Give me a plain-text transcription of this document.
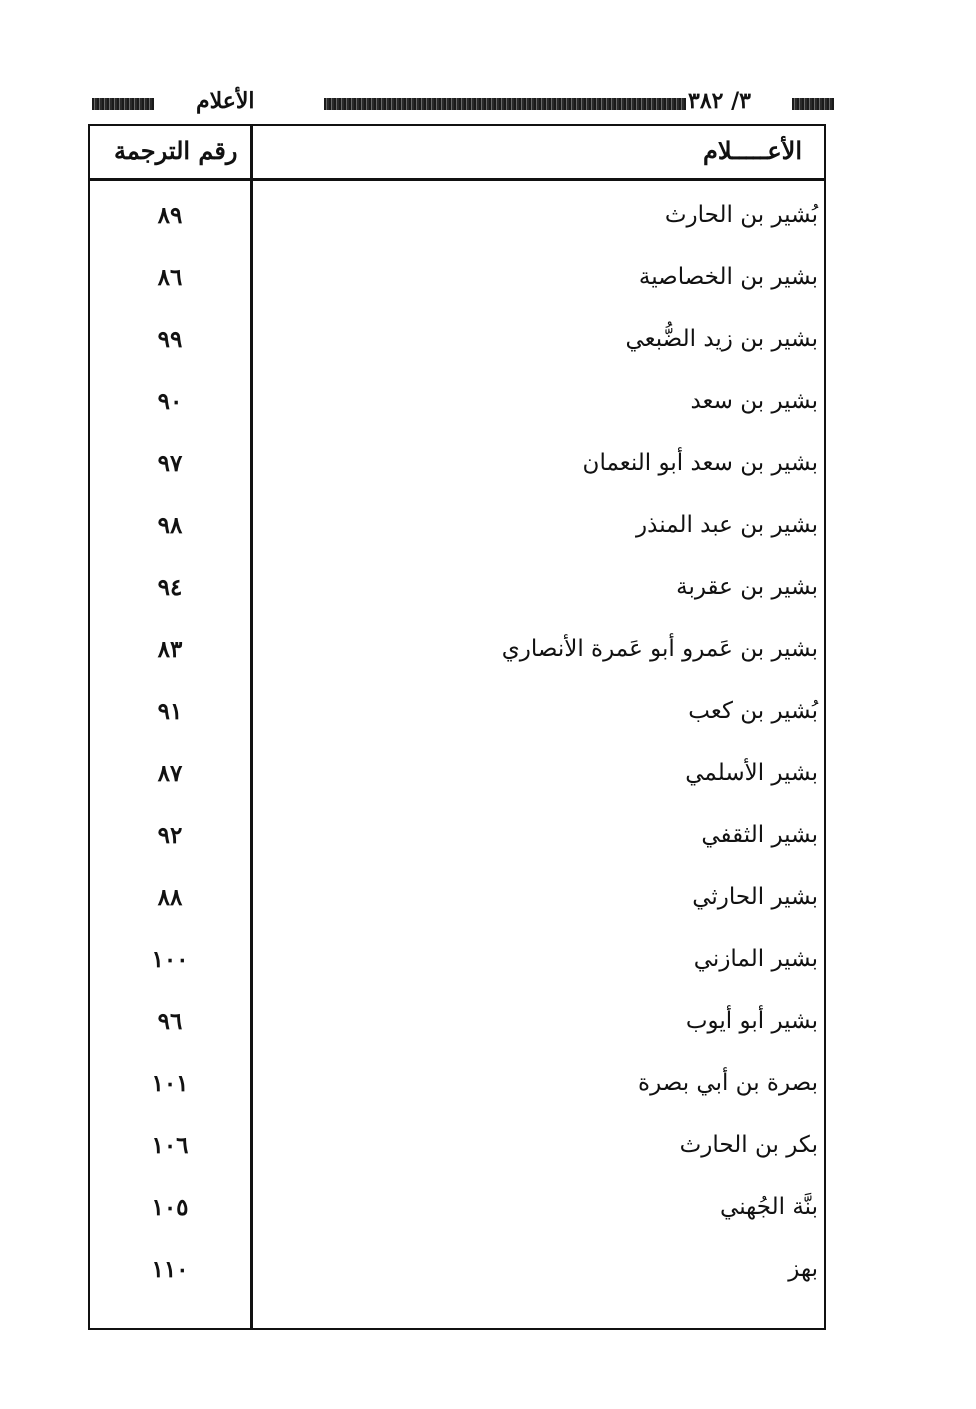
الأعلام	٣/ ٣٨٢
الأعـــــلام
رقم الترجمة
بُشير بن الحارث
٨٩
بشير بن الخصاصية
٨٦
بشير بن زيد الضُّبعي
٩٩
بشير بن سعد
٩٠
بشير بن سعد أبو النعمان
٩٧
بشير بن عبد المنذر
٩٨
بشير بن عقربة
٩٤
بشير بن عَمرو أبو عَمرة الأنصاري
٨٣
بُشير بن كعب
٩١
بشير الأسلمي
٨٧
بشير الثقفي
٩٢
بشير الحارثي
٨٨
بشير المازني
١٠٠
بشير أبو أيوب
٩٦
بصرة بن أبي بصرة
١٠١
بكر بن الحارث
١٠٦
بنَّة الجُهني
١٠٥
بهز
١١٠
